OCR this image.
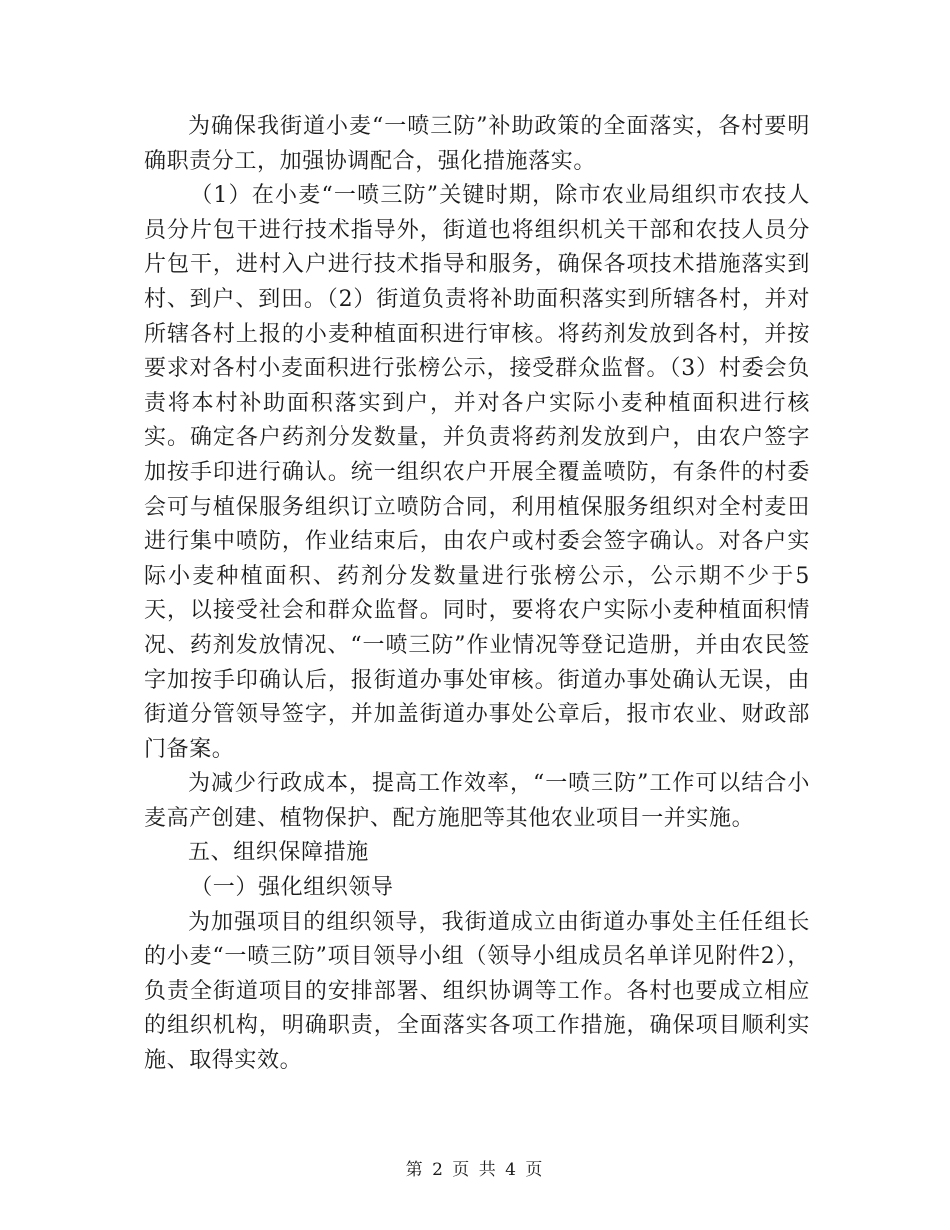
为确保我街道小麦“一喷三防”补助政策的全面落实，各村要明确职责分工，加强协调配合，强化措施落实。

（1）在小麦“一喷三防”关键时期，除市农业局组织市农技人员分片包干进行技术指导外，街道也将组织机关干部和农技人员分片包干，进村入户进行技术指导和服务，确保各项技术措施落实到村、到户、到田。（2）街道负责将补助面积落实到所辖各村，并对所辖各村上报的小麦种植面积进行审核。将药剂发放到各村，并按要求对各村小麦面积进行张榜公示，接受群众监督。（3）村委会负责将本村补助面积落实到户，并对各户实际小麦种植面积进行核实。确定各户药剂分发数量，并负责将药剂发放到户，由农户签字加按手印进行确认。统一组织农户开展全覆盖喷防，有条件的村委会可与植保服务组织订立喷防合同，利用植保服务组织对全村麦田进行集中喷防，作业结束后，由农户或村委会签字确认。对各户实际小麦种植面积、药剂分发数量进行张榜公示，公示期不少于5天，以接受社会和群众监督。同时，要将农户实际小麦种植面积情况、药剂发放情况、“一喷三防”作业情况等登记造册，并由农民签字加按手印确认后，报街道办事处审核。街道办事处确认无误，由街道分管领导签字，并加盖街道办事处公章后，报市农业、财政部门备案。

为减少行政成本，提高工作效率，“一喷三防”工作可以结合小麦高产创建、植物保护、配方施肥等其他农业项目一并实施。

五、组织保障措施

（一）强化组织领导

为加强项目的组织领导，我街道成立由街道办事处主任任组长的小麦“一喷三防”项目领导小组（领导小组成员名单详见附件2），负责全街道项目的安排部署、组织协调等工作。各村也要成立相应的组织机构，明确职责，全面落实各项工作措施，确保项目顺利实施、取得实效。

第 2 页 共 4 页
